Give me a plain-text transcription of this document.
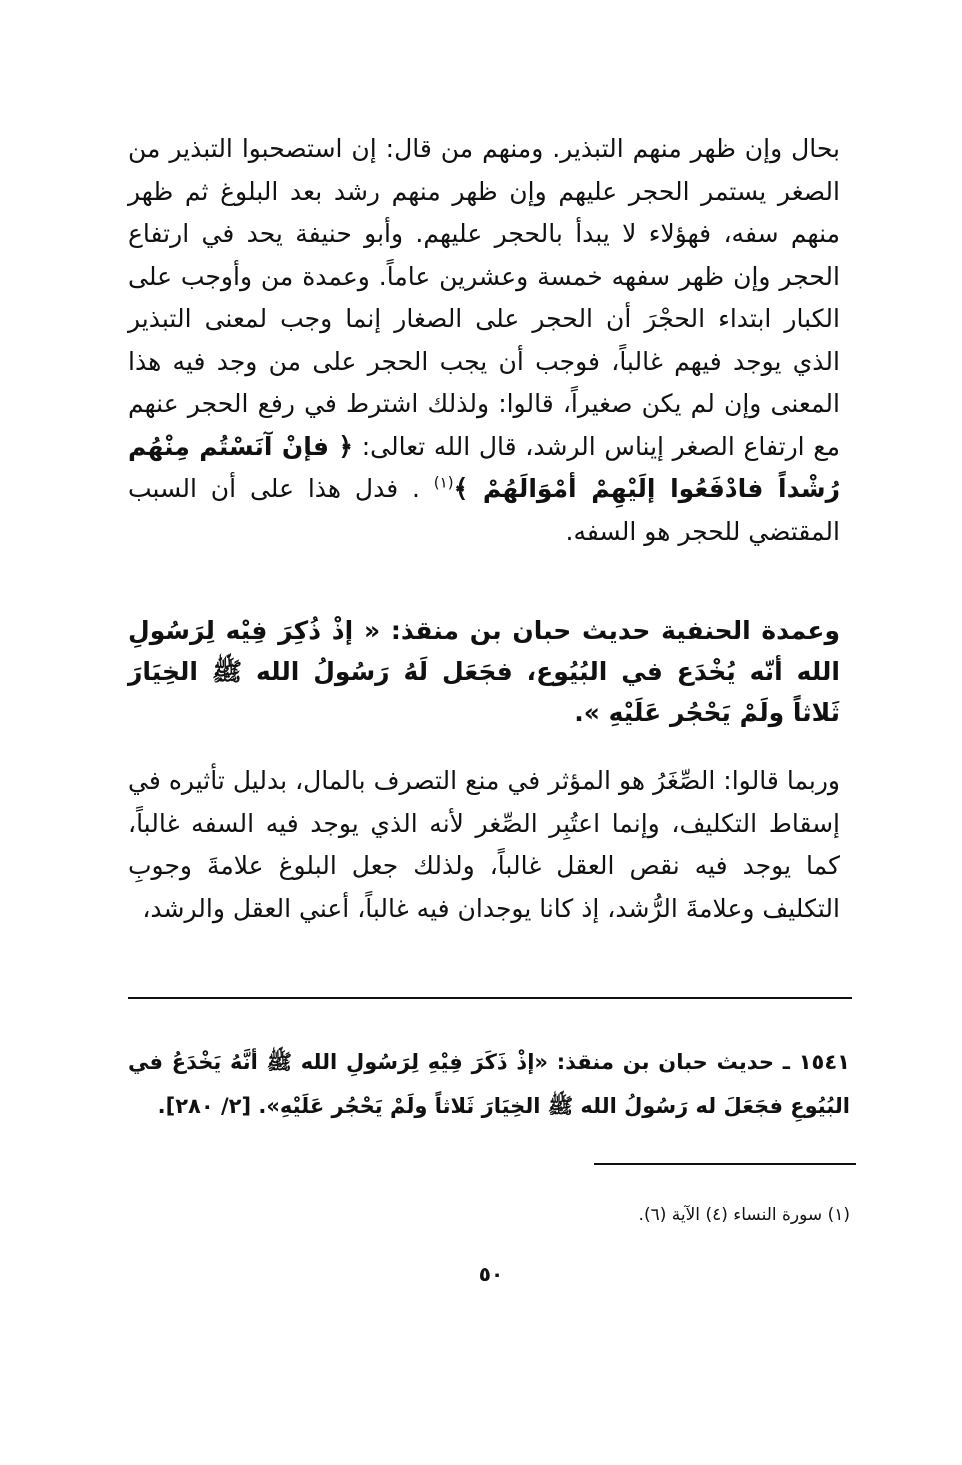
بحال وإن ظهر منهم التبذير. ومنهم من قال: إن استصحبوا التبذير من الصغر يستمر الحجر عليهم وإن ظهر منهم رشد بعد البلوغ ثم ظهر منهم سفه، فهؤلاء لا يبدأ بالحجر عليهم. وأبو حنيفة يحد في ارتفاع الحجر وإن ظهر سفهه خمسة وعشرين عاماً. وعمدة من وأوجب على الكبار ابتداء الحجْرَ أن الحجر على الصغار إنما وجب لمعنى التبذير الذي يوجد فيهم غالباً، فوجب أن يجب الحجر على من وجد فيه هذا المعنى وإن لم يكن صغيراً، قالوا: ولذلك اشترط في رفع الحجر عنهم مع ارتفاع الصغر إيناس الرشد، قال الله تعالى: ﴿ فإنْ آنَسْتُم مِنْهُم رُشْداً فادْفَعُوا إلَيْهِمْ أمْوَالَهُمْ ﴾$^{(١)}$ . فدل هذا على أن السبب المقتضي للحجر هو السفه.

وعمدة الحنفية حديث حبان بن منقذ: « إذْ ذُكِرَ فِيْه لِرَسُولِ الله أنّه يُخْدَع في البُيُوع، فجَعَل لَهُ رَسُولُ الله ﷺ الخِيَارَ ثَلاثاً ولَمْ يَحْجُر عَلَيْهِ ».

وربما قالوا: الصِّغَرُ هو المؤثر في منع التصرف بالمال، بدليل تأثيره في إسقاط التكليف، وإنما اعتُبِر الصِّغر لأنه الذي يوجد فيه السفه غالباً، كما يوجد فيه نقص العقل غالباً، ولذلك جعل البلوغ علامةَ وجوبِ التكليف وعلامةَ الرُّشد، إذ كانا يوجدان فيه غالباً، أعني العقل والرشد،

١٥٤١ ـ حديث حبان بن منقذ: «إذْ ذَكَرَ فِيْهِ لِرَسُولِ الله ﷺ أنَّهُ يَخْدَعُ في البُيُوعِ فجَعَلَ له رَسُولُ الله ﷺ الخِيَارَ ثَلاثاً ولَمْ يَحْجُر عَلَيْهِ». [٢/ ٢٨٠].

(١) سورة النساء (٤) الآية (٦).

٥٠
